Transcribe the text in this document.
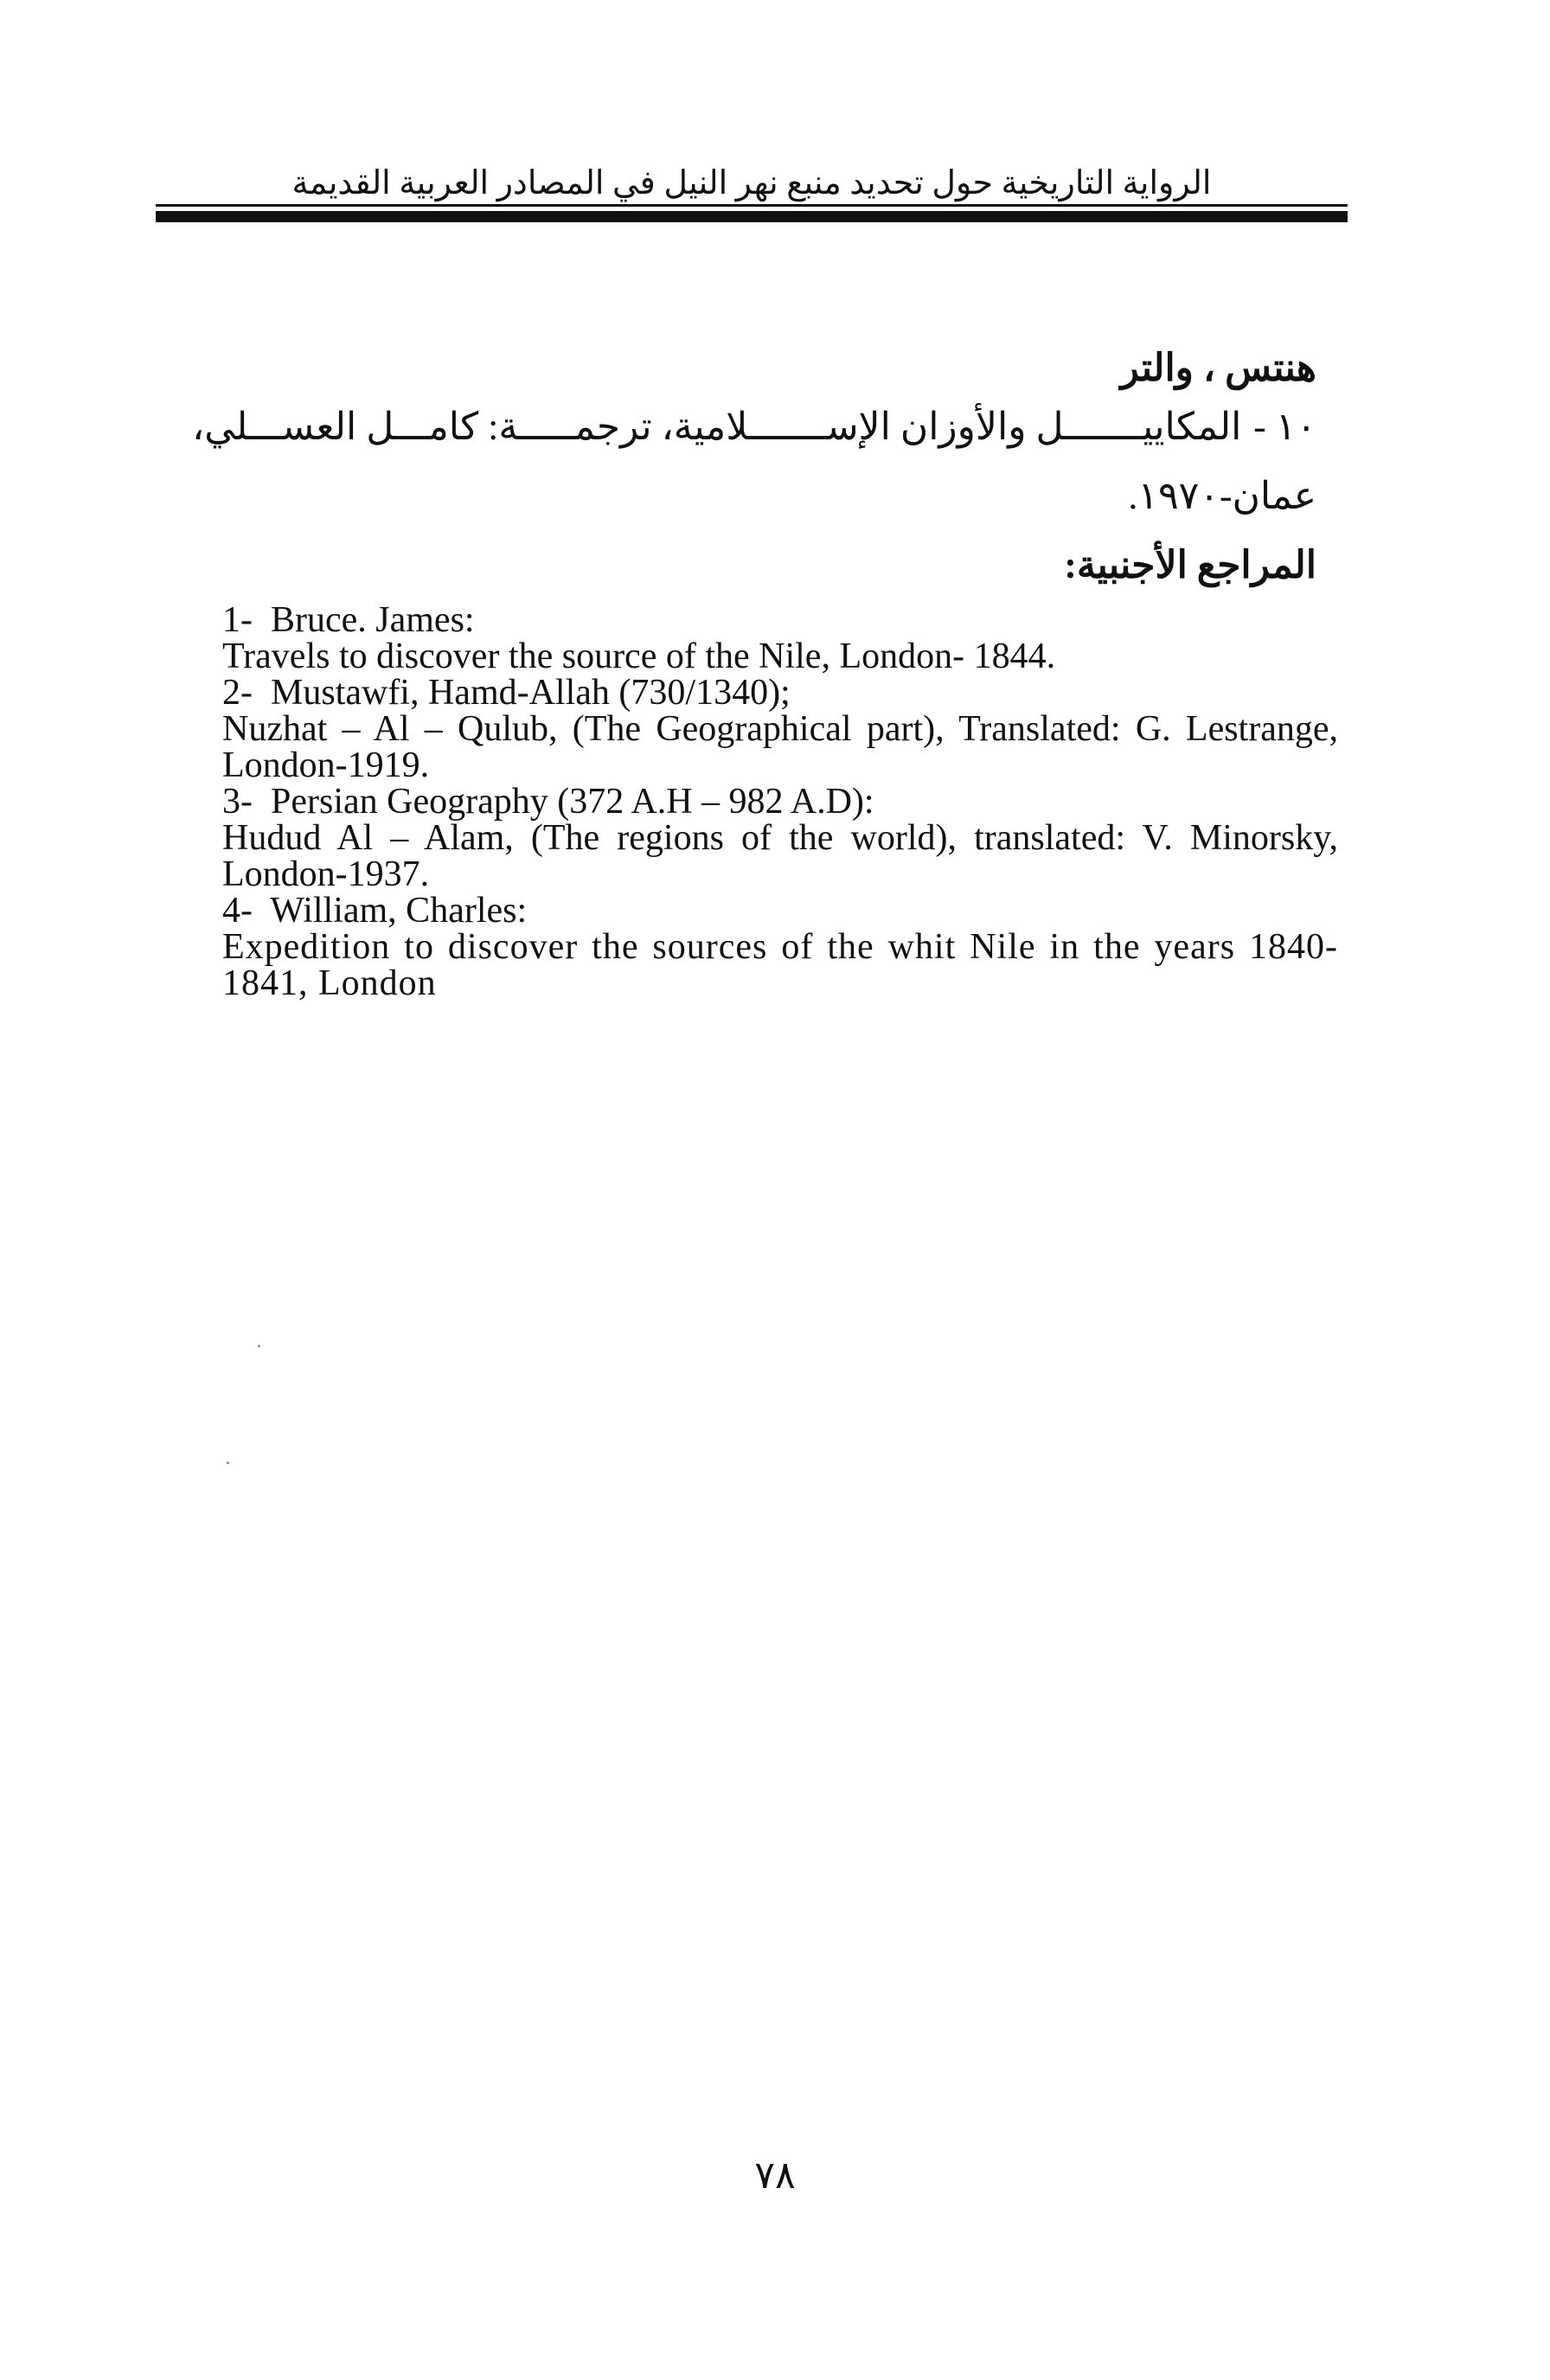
الرواية التاريخية حول تحديد منبع نهر النيل في المصادر العربية القديمة
هنتس ، والتر
١٠ -
المكاييـــــــل والأوزان الإســـــــلامية، ترجمـــــة: كامـــل العســـلي،
عمان-١٩٧٠.
المراجع الأجنبية:
1-  Bruce. James:
Travels to discover the source of the Nile, London- 1844.
2-  Mustawfi, Hamd-Allah (730/1340);
Nuzhat – Al – Qulub, (The Geographical part), Translated: G. Lestrange, London-1919.
3-  Persian Geography (372 A.H – 982 A.D):
Hudud Al – Alam, (The regions of the world), translated: V. Minorsky, London-1937.
4-  William, Charles:
Expedition to discover the sources of the whit Nile in the years 1840-1841, London
٧٨
